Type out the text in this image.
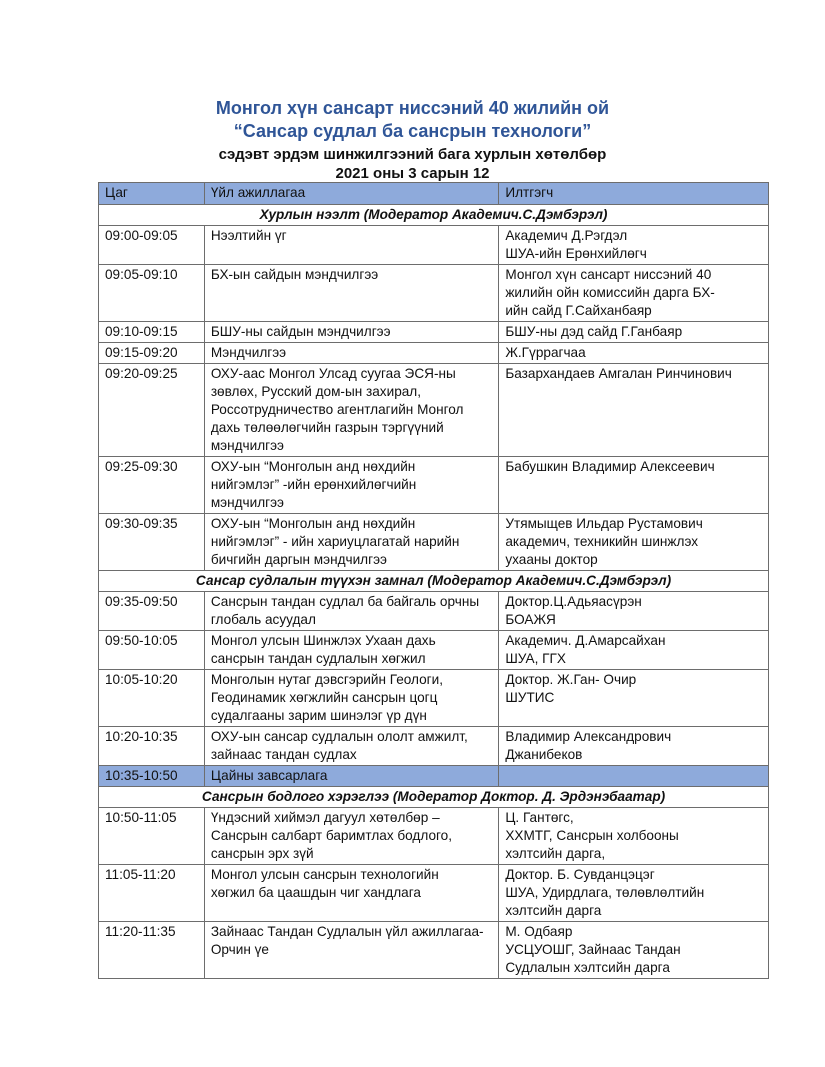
Монгол хүн сансарт ниссэний 40 жилийн ой
“Сансар судлал ба сансрын технологи”
сэдэвт эрдэм шинжилгээний бага хурлын хөтөлбөр
2021 оны 3 сарын 12
Цаг	Үйл ажиллагаа	Илтгэгч
Хурлын нээлт (Модератор Академич.С.Дэмбэрэл)		
09:00-09:05	Нээлтийн үг	Академич Д.Рэгдэл
ШУА-ийн Ерөнхийлөгч

09:05-09:10	БХ-ын сайдын мэндчилгээ	Монгол хүн сансарт ниссэний 40
жилийн ойн комиссийн дарга БХ-
ийн сайд Г.Сайханбаяр

09:10-09:15	БШУ-ны сайдын мэндчилгээ	БШУ-ны дэд сайд Г.Ганбаяр

09:15-09:20	Мэндчилгээ	Ж.Гүррагчаа

09:20-09:25	ОХУ-аас Монгол Улсад суугаа ЭСЯ-ны
зөвлөх, Русский дом-ын захирал,
Россотрудничество агентлагийн Монгол
дахь төлөөлөгчийн газрын тэргүүний
мэндчилгээ	Базархандаев Амгалан Ринчинович

09:25-09:30	ОХУ-ын “Монголын анд нөхдийн
нийгэмлэг” -ийн ерөнхийлөгчийн
мэндчилгээ	Бабушкин Владимир Алексеевич

09:30-09:35	ОХУ-ын “Монголын анд нөхдийн
нийгэмлэг” - ийн хариуцлагатай нарийн
бичгийн даргын мэндчилгээ	Утямыщев Ильдар Рустамович
академич, техникийн шинжлэх
ухааны доктор

Сансар судлалын түүхэн замнал (Модератор Академич.С.Дэмбэрэл)		
09:35-09:50	Сансрын тандан судлал ба байгаль орчны
глобаль асуудал	Доктор.Ц.Адьяасүрэн
БОАЖЯ

09:50-10:05	Монгол улсын Шинжлэх Ухаан дахь
сансрын тандан судлалын хөгжил	Академич. Д.Амарсайхан
ШУА, ГГХ

10:05-10:20	Монголын нутаг дэвсгэрийн Геологи,
Геодинамик хөгжлийн сансрын цогц
судалгааны зарим шинэлэг үр дүн	Доктор. Ж.Ган- Очир
ШУТИС

10:20-10:35	ОХУ-ын сансар судлалын ололт амжилт,
зайнаас тандан судлах	Владимир Александрович
Джанибеков

10:35-10:50	Цайны завсарлага	

Сансрын бодлого хэрэглээ (Модератор Доктор. Д. Эрдэнэбаатар)		
10:50-11:05	Үндэсний хиймэл дагуул хөтөлбөр –
Сансрын салбарт баримтлах бодлого,
сансрын эрх зүй	Ц. Гантөгс,
ХХМТГ, Сансрын холбооны
хэлтсийн дарга,

11:05-11:20	Монгол улсын сансрын технологийн
хөгжил ба цаашдын чиг хандлага	Доктор. Б. Сувданцэцэг
ШУА, Удирдлага, төлөвлөлтийн
хэлтсийн дарга

11:20-11:35	Зайнаас Тандан Судлалын үйл ажиллагаа-
Орчин үе	М. Одбаяр
УСЦУОШГ, Зайнаас Тандан
Судлалын хэлтсийн дарга
